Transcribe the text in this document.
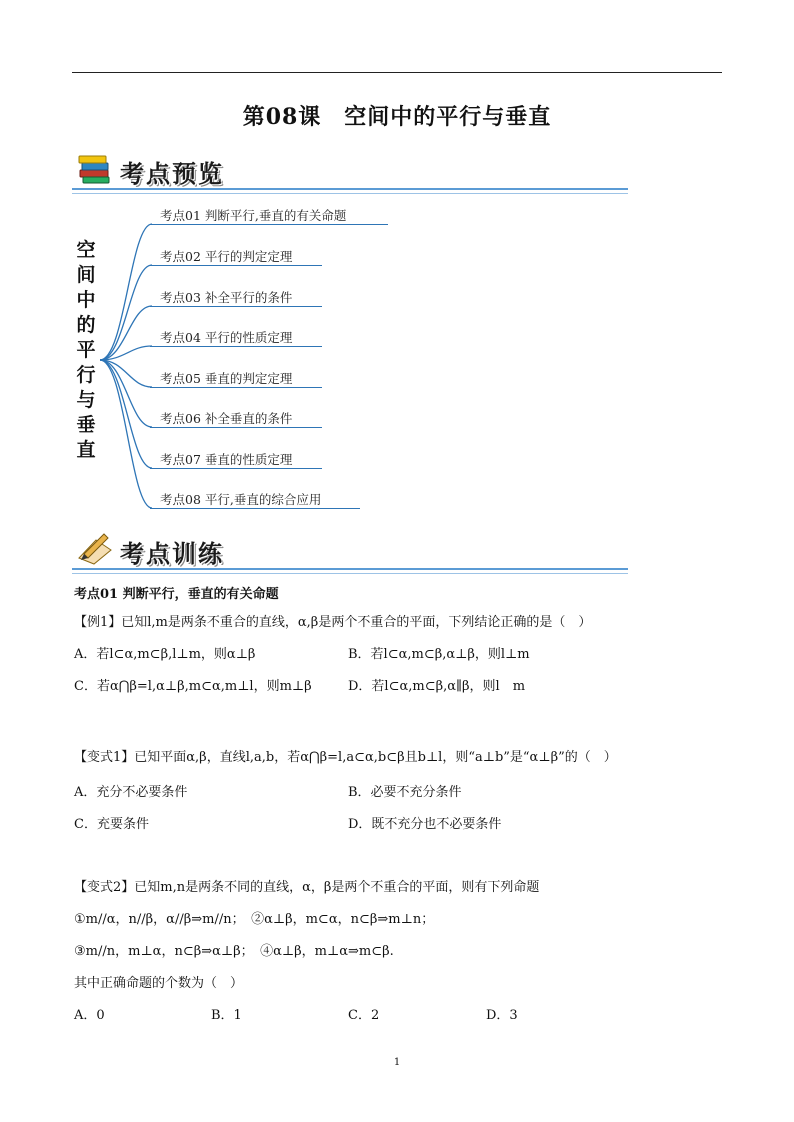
第08课　空间中的平行与垂直
考点预览
空
间
中
的
平
行
与
垂
直
考点01 判断平行,垂直的有关命题
考点02 平行的判定定理
考点03 补全平行的条件
考点04 平行的性质定理
考点05 垂直的判定定理
考点06 补全垂直的条件
考点07 垂直的性质定理
考点08 平行,垂直的综合应用
考点训练
考点01 判断平行，垂直的有关命题
【例1】已知l,m是两条不重合的直线，α,β是两个不重合的平面，下列结论正确的是（　）
A．若l⊂α,m⊂β,l⊥m，则α⊥β	B．若l⊂α,m⊂β,α⊥β，则l⊥m
C．若α⋂β=l,α⊥β,m⊂α,m⊥l，则m⊥β	D．若l⊂α,m⊂β,α∥β，则l　m
【变式1】已知平面α,β，直线l,a,b，若α⋂β=l,a⊂α,b⊂β且b⊥l，则“a⊥b”是“α⊥β”的（　）
A．充分不必要条件	B．必要不充分条件
C．充要条件	D．既不充分也不必要条件
【变式2】已知m,n是两条不同的直线，α，β是两个不重合的平面，则有下列命题
①m//α，n//β，α//β⇒m//n；　②α⊥β，m⊂α，n⊂β⇒m⊥n；
③m//n，m⊥α，n⊂β⇒α⊥β；　④α⊥β，m⊥α⇒m⊂β.
其中正确命题的个数为（　）
A．0	B．1	C．2	D．3
1
